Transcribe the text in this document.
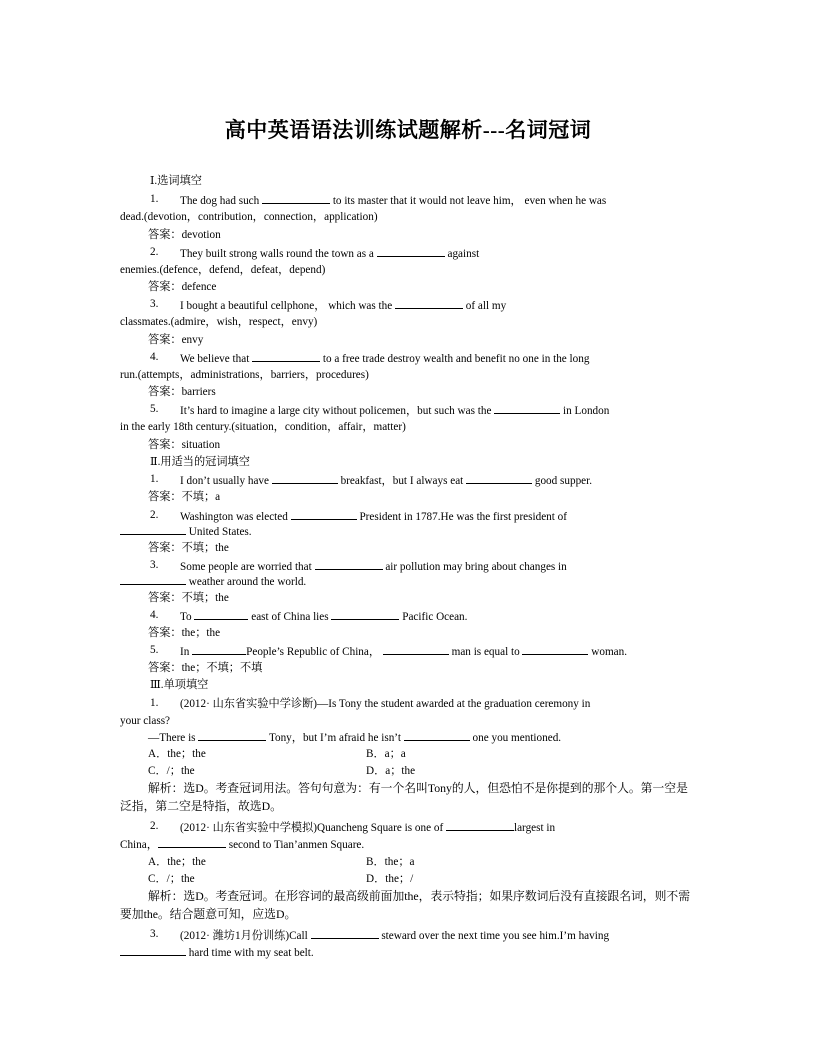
高中英语语法训练试题解析---名词冠词
Ⅰ.选词填空
1. The dog had such	to its master that it would not leave him， even when he was
dead.(devotion，contribution，connection，application)
答案：devotion
2. They built strong walls round the town as a	against
enemies.(defence，defend，defeat，depend)
答案：defence
3. I bought a beautiful cellphone， which was the	of all my
classmates.(admire，wish，respect，envy)
答案：envy
4. We believe that	to a free trade destroy wealth and benefit no one in the long
run.(attempts，administrations，barriers，procedures)
答案：barriers
5. It’s hard to imagine a large city without policemen，but such was the	in London
in the early 18th century.(situation，condition，affair，matter)
答案：situation
Ⅱ.用适当的冠词填空
1. I don’t usually have	breakfast，but I always eat	good supper.
答案：不填；a
2. Washington was elected	President in 1787.He was the first president of
United States.
答案：不填；the
3. Some people are worried that	air pollution may bring about changes in
weather around the world.
答案：不填；the
4. To	east of China lies	Pacific Ocean.
答案：the；the
5. In	People’s Republic of China，	man is equal to	woman.
答案：the；不填；不填
Ⅲ.单项填空
1. (2012· 山东省实验中学诊断)—Is Tony the student awarded at the graduation ceremony in
your class?
—There is	Tony，but I’m afraid he isn’t	one you mentioned.
A．the；the	B．a；a
C．/；the	D．a；the
解析：选D。考查冠词用法。答句句意为：有一个名叫Tony的人，但恐怕不是你提到的那个人。第一空是泛指，第二空是特指，故选D。
2. (2012· 山东省实验中学模拟)Quancheng Square is one of	largest in
China，	second to Tian’anmen Square.
A．the；the	B．the；a
C．/；the	D．the；/
解析：选D。考查冠词。在形容词的最高级前面加the，表示特指；如果序数词后没有直接跟名词，则不需要加the。结合题意可知，应选D。
3. (2012· 潍坊1月份训练)Call	steward over the next time you see him.I’m having
hard time with my seat belt.
